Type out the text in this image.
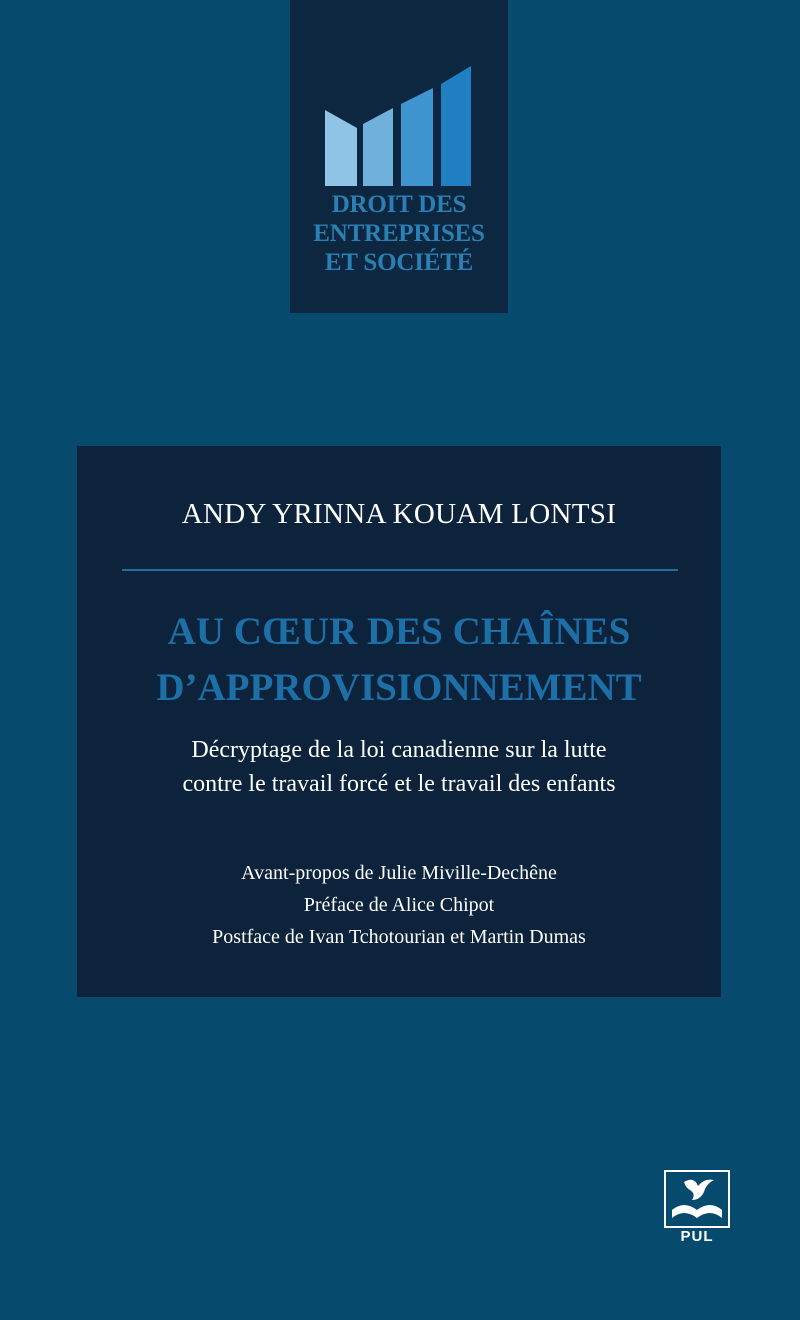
DROIT DES
ENTREPRISES
ET SOCIÉTÉ
ANDY YRINNA KOUAM LONTSI
AU CŒUR DES CHAÎNES
D’APPROVISIONNEMENT
Décryptage de la loi canadienne sur la lutte
contre le travail forcé et le travail des enfants
Avant-propos de Julie Miville-Dechêne
Préface de Alice Chipot
Postface de Ivan Tchotourian et Martin Dumas
PUL
